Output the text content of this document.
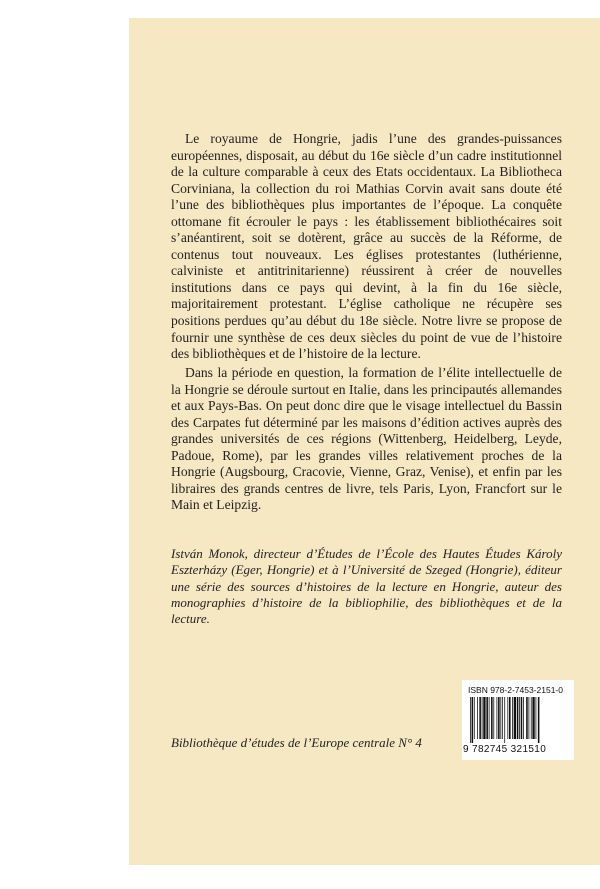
Le royaume de Hongrie, jadis l’une des grandes-puissances européennes, disposait, au début du 16e siècle d’un cadre institutionnel de la culture comparable à ceux des Etats occidentaux. La Bibliotheca Corviniana, la collection du roi Mathias Corvin avait sans doute été l’une des bibliothèques plus importantes de l’époque. La conquête ottomane fit écrouler le pays : les établissement bibliothécaires soit s’anéantirent, soit se dotèrent, grâce au succès de la Réforme, de contenus tout nouveaux. Les églises protestantes (luthérienne, calviniste et antitrinitarienne) réussirent à créer de nouvelles institutions dans ce pays qui devint, à la fin du 16e siècle, majoritairement protestant. L’église catholique ne récupère ses positions perdues qu’au début du 18e siècle. Notre livre se propose de fournir une synthèse de ces deux siècles du point de vue de l’histoire des bibliothèques et de l’histoire de la lecture.

Dans la période en question, la formation de l’élite intellectuelle de la Hongrie se déroule surtout en Italie, dans les principautés allemandes et aux Pays-Bas. On peut donc dire que le visage intellectuel du Bassin des Carpates fut déterminé par les maisons d’édition actives auprès des grandes universités de ces régions (Wittenberg, Heidelberg, Leyde, Padoue, Rome), par les grandes villes relativement proches de la Hongrie (Augsbourg, Cracovie, Vienne, Graz, Venise), et enfin par les libraires des grands centres de livre, tels Paris, Lyon, Francfort sur le Main et Leipzig.

István Monok, directeur d’Études de l’École des Hautes Études Károly Eszterházy (Eger, Hongrie) et à l’Université de Szeged (Hongrie), éditeur une série des sources d’histoires de la lecture en Hongrie, auteur des monographies d’histoire de la bibliophilie, des bibliothèques et de la lecture.

Bibliothèque d’études de l’Europe centrale N° 4
ISBN 978-2-7453-2151-0
9 782745 321510
